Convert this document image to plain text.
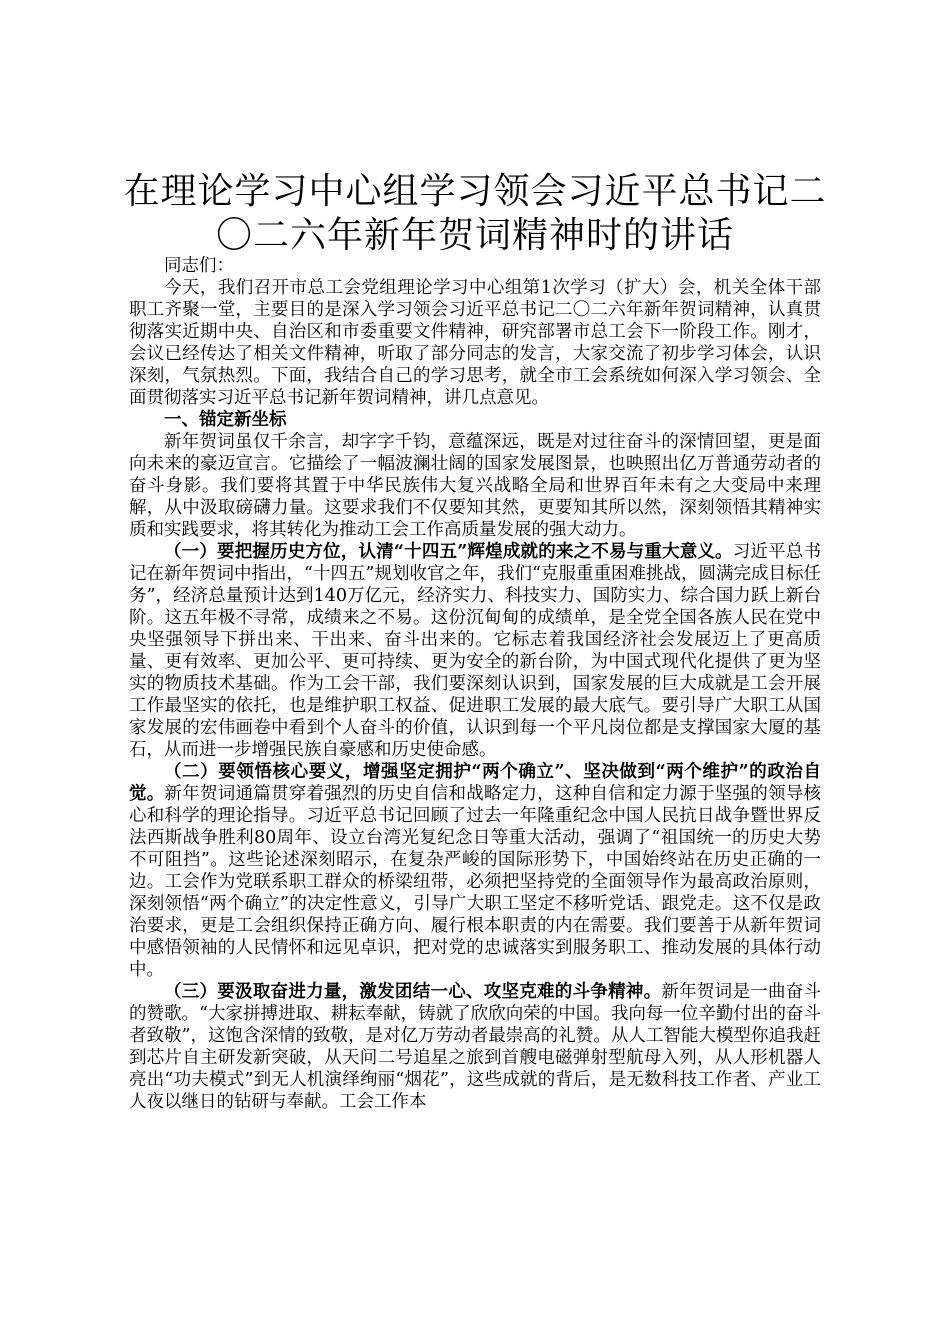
在理论学习中心组学习领会习近平总书记二〇二六年新年贺词精神时的讲话

同志们：

今天，我们召开市总工会党组理论学习中心组第1次学习（扩大）会，机关全体干部职工齐聚一堂，主要目的是深入学习领会习近平总书记二〇二六年新年贺词精神，认真贯彻落实近期中央、自治区和市委重要文件精神，研究部署市总工会下一阶段工作。刚才，会议已经传达了相关文件精神，听取了部分同志的发言，大家交流了初步学习体会，认识深刻，气氛热烈。下面，我结合自己的学习思考，就全市工会系统如何深入学习领会、全面贯彻落实习近平总书记新年贺词精神，讲几点意见。

一、锚定新坐标

新年贺词虽仅千余言，却字字千钧，意蕴深远，既是对过往奋斗的深情回望，更是面向未来的豪迈宣言。它描绘了一幅波澜壮阔的国家发展图景，也映照出亿万普通劳动者的奋斗身影。我们要将其置于中华民族伟大复兴战略全局和世界百年未有之大变局中来理解，从中汲取磅礴力量。这要求我们不仅要知其然，更要知其所以然，深刻领悟其精神实质和实践要求，将其转化为推动工会工作高质量发展的强大动力。

（一）要把握历史方位，认清“十四五”辉煌成就的来之不易与重大意义。习近平总书记在新年贺词中指出，“十四五”规划收官之年，我们“克服重重困难挑战，圆满完成目标任务”，经济总量预计达到140万亿元，经济实力、科技实力、国防实力、综合国力跃上新台阶。这五年极不寻常，成绩来之不易。这份沉甸甸的成绩单，是全党全国各族人民在党中央坚强领导下拼出来、干出来、奋斗出来的。它标志着我国经济社会发展迈上了更高质量、更有效率、更加公平、更可持续、更为安全的新台阶，为中国式现代化提供了更为坚实的物质技术基础。作为工会干部，我们要深刻认识到，国家发展的巨大成就是工会开展工作最坚实的依托，也是维护职工权益、促进职工发展的最大底气。要引导广大职工从国家发展的宏伟画卷中看到个人奋斗的价值，认识到每一个平凡岗位都是支撑国家大厦的基石，从而进一步增强民族自豪感和历史使命感。

（二）要领悟核心要义，增强坚定拥护“两个确立”、坚决做到“两个维护”的政治自觉。新年贺词通篇贯穿着强烈的历史自信和战略定力，这种自信和定力源于坚强的领导核心和科学的理论指导。习近平总书记回顾了过去一年隆重纪念中国人民抗日战争暨世界反法西斯战争胜利80周年、设立台湾光复纪念日等重大活动，强调了“祖国统一的历史大势不可阻挡”。这些论述深刻昭示，在复杂严峻的国际形势下，中国始终站在历史正确的一边。工会作为党联系职工群众的桥梁纽带，必须把坚持党的全面领导作为最高政治原则，深刻领悟“两个确立”的决定性意义，引导广大职工坚定不移听党话、跟党走。这不仅是政治要求，更是工会组织保持正确方向、履行根本职责的内在需要。我们要善于从新年贺词中感悟领袖的人民情怀和远见卓识，把对党的忠诚落实到服务职工、推动发展的具体行动中。

（三）要汲取奋进力量，激发团结一心、攻坚克难的斗争精神。新年贺词是一曲奋斗的赞歌。“大家拼搏进取、耕耘奉献，铸就了欣欣向荣的中国。我向每一位辛勤付出的奋斗者致敬”，这饱含深情的致敬，是对亿万劳动者最崇高的礼赞。从人工智能大模型你追我赶到芯片自主研发新突破，从天问二号追星之旅到首艘电磁弹射型航母入列，从人形机器人亮出“功夫模式”到无人机演绎绚丽“烟花”，这些成就的背后，是无数科技工作者、产业工人夜以继日的钻研与奉献。工会工作本
